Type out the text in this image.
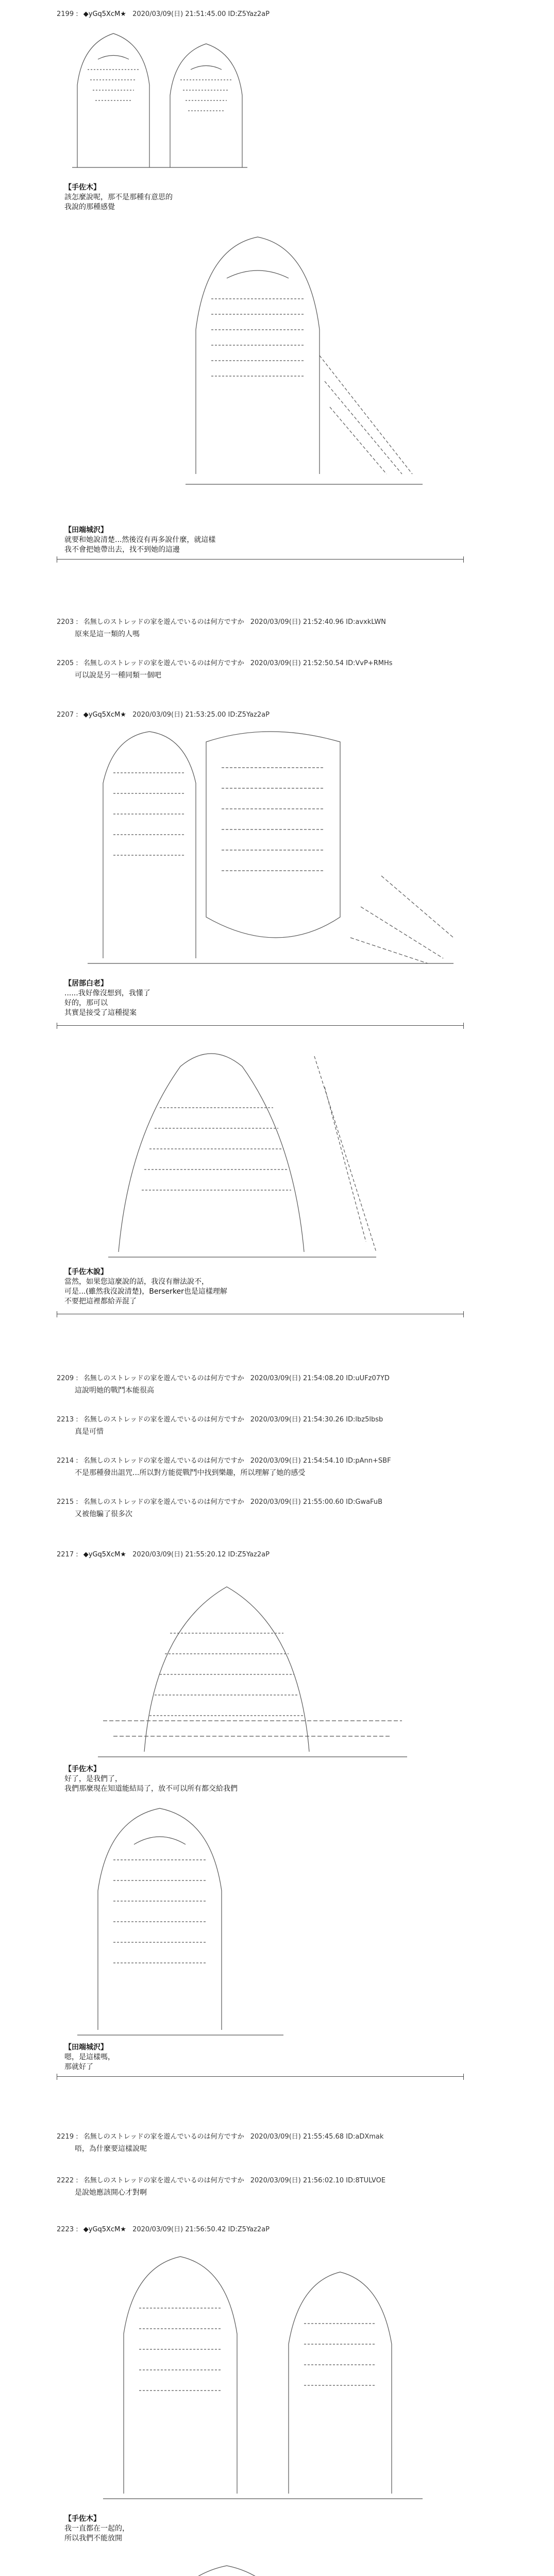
2199 : ◆yGq5XcM★ 2020/03/09(日) 21:51:45.00 ID:Z5Yaz2aP
【手佐木】
該怎麼說呢，那不是那種有意思的
我說的那種感覺
【田端城沢】
就要和她說清楚...然後沒有再多說什麼，就這樣
我不會把她帶出去，找不到她的這邊
2203 : 名無しのストレッドの家を遊んでいるのは何方ですか 2020/03/09(日) 21:52:40.96 ID:avxkLWN
原來是這一類的人嗎
2205 : 名無しのストレッドの家を遊んでいるのは何方ですか 2020/03/09(日) 21:52:50.54 ID:VvP+RMHs
可以說是另一種同類一個吧
2207 : ◆yGq5XcM★ 2020/03/09(日) 21:53:25.00 ID:Z5Yaz2aP
【居部白老】
......我好像沒想到，我懂了
好的，那可以
其實是接受了這種提案
【手佐木說】
當然，如果您這麼說的話，我沒有辦法說不，
可是...(雖然我沒說清楚)，Berserker也是這樣理解
不要把這裡都給弄混了
2209 : 名無しのストレッドの家を遊んでいるのは何方ですか 2020/03/09(日) 21:54:08.20 ID:uUFz07YD
這說明她的戰鬥本能很高
2213 : 名無しのストレッドの家を遊んでいるのは何方ですか 2020/03/09(日) 21:54:30.26 ID:lbz5lbsb
真是可惜
2214 : 名無しのストレッドの家を遊んでいるのは何方ですか 2020/03/09(日) 21:54:54.10 ID:pAnn+SBF
不是那種發出詛咒...所以對方能從戰鬥中找到樂趣，所以理解了她的感受
2215 : 名無しのストレッドの家を遊んでいるのは何方ですか 2020/03/09(日) 21:55:00.60 ID:GwaFuB
又被他騙了很多次
2217 : ◆yGq5XcM★ 2020/03/09(日) 21:55:20.12 ID:Z5Yaz2aP
【手佐木】
好了，是我們了，
我們那麼現在知道能結局了，放不可以所有都交給我們
【田端城沢】
嗯，是這樣嗎，
那就好了
2219 : 名無しのストレッドの家を遊んでいるのは何方ですか 2020/03/09(日) 21:55:45.68 ID:aDXmak
唔，為什麼要這樣說呢
2222 : 名無しのストレッドの家を遊んでいるのは何方ですか 2020/03/09(日) 21:56:02.10 ID:8TULVOE
是說她應該開心才對啊
2223 : ◆yGq5XcM★ 2020/03/09(日) 21:56:50.42 ID:Z5Yaz2aP
【手佐木】
我一直都在一起的，
所以我們不能放開
